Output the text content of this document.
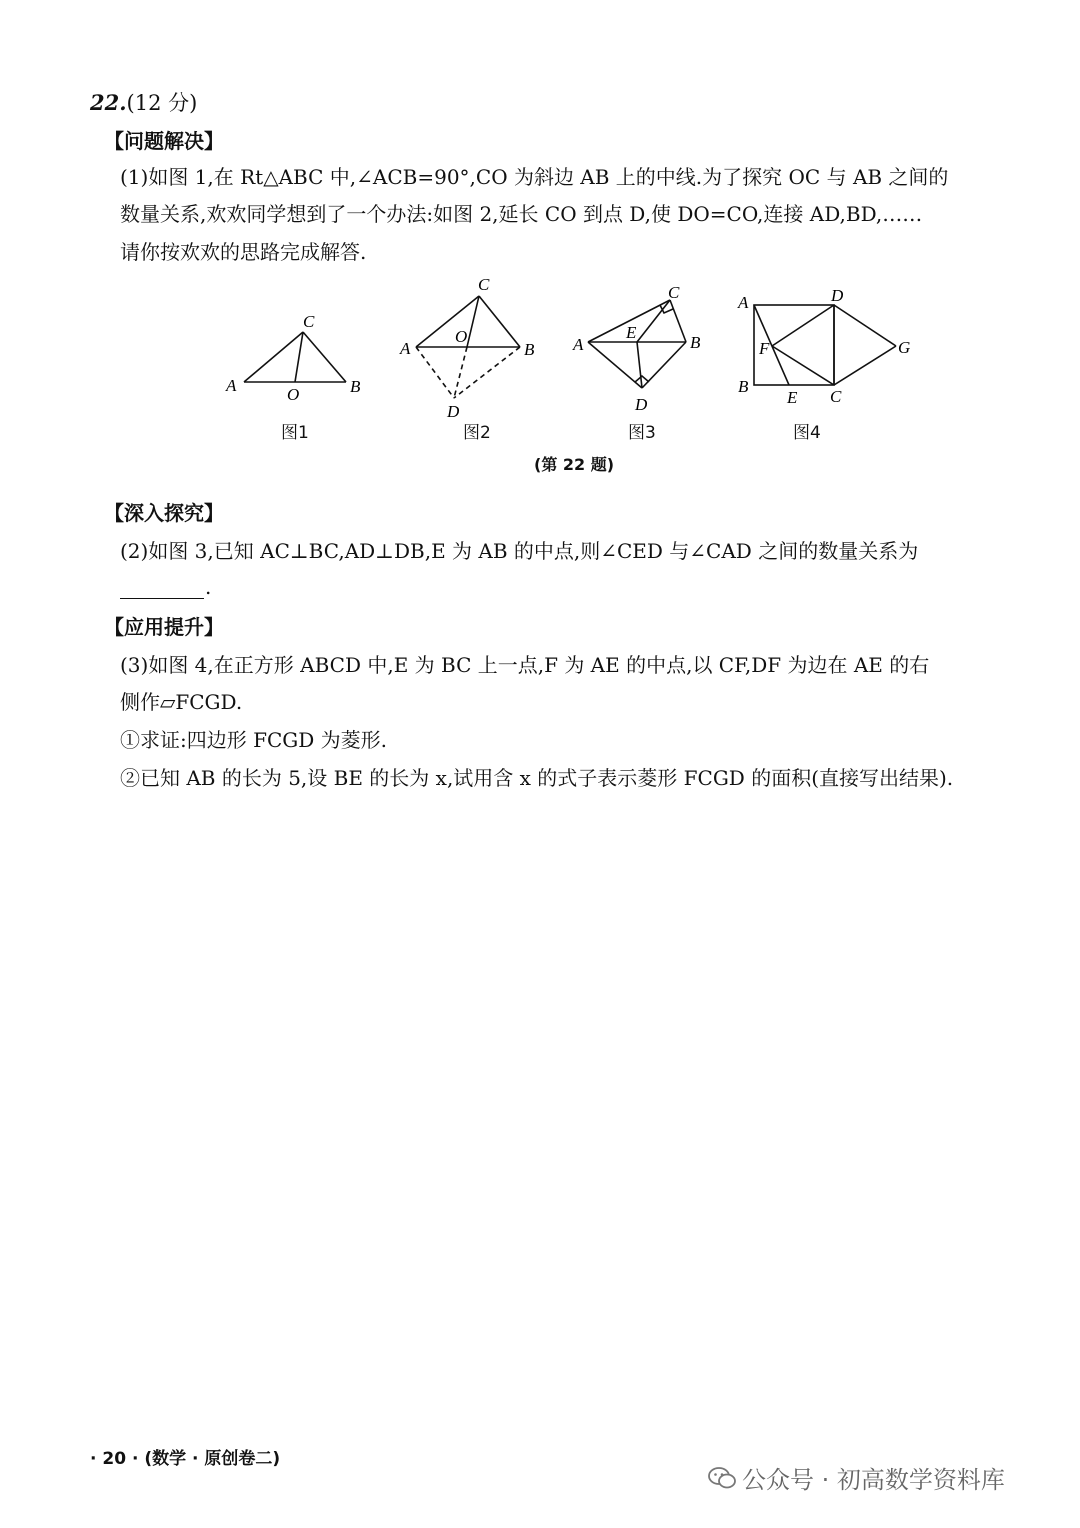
22.(12 分)
【问题解决】
(1)如图 1,在 Rt△ABC 中,∠ACB=90°,CO 为斜边 AB 上的中线.为了探究 OC 与 AB 之间的
数量关系,欢欢同学想到了一个办法:如图 2,延长 CO 到点 D,使 DO=CO,连接 AD,BD,……
请你按欢欢的思路完成解答.
A	B
C
O
A	B
C
O
D
A	B
C
E
D
A
B
C
D
E
F	G
图1	图2	图3	图4
(第 22 题)
【深入探究】
(2)如图 3,已知 AC⊥BC,AD⊥DB,E 为 AB 的中点,则∠CED 与∠CAD 之间的数量关系为
.
【应用提升】
(3)如图 4,在正方形 ABCD 中,E 为 BC 上一点,F 为 AE 的中点,以 CF,DF 为边在 AE 的右
侧作▱FCGD.
①求证:四边形 FCGD 为菱形.
②已知 AB 的长为 5,设 BE 的长为 x,试用含 x 的式子表示菱形 FCGD 的面积(直接写出结果).
· 20 · (数学 · 原创卷二)
公众号 · 初高数学资料库
